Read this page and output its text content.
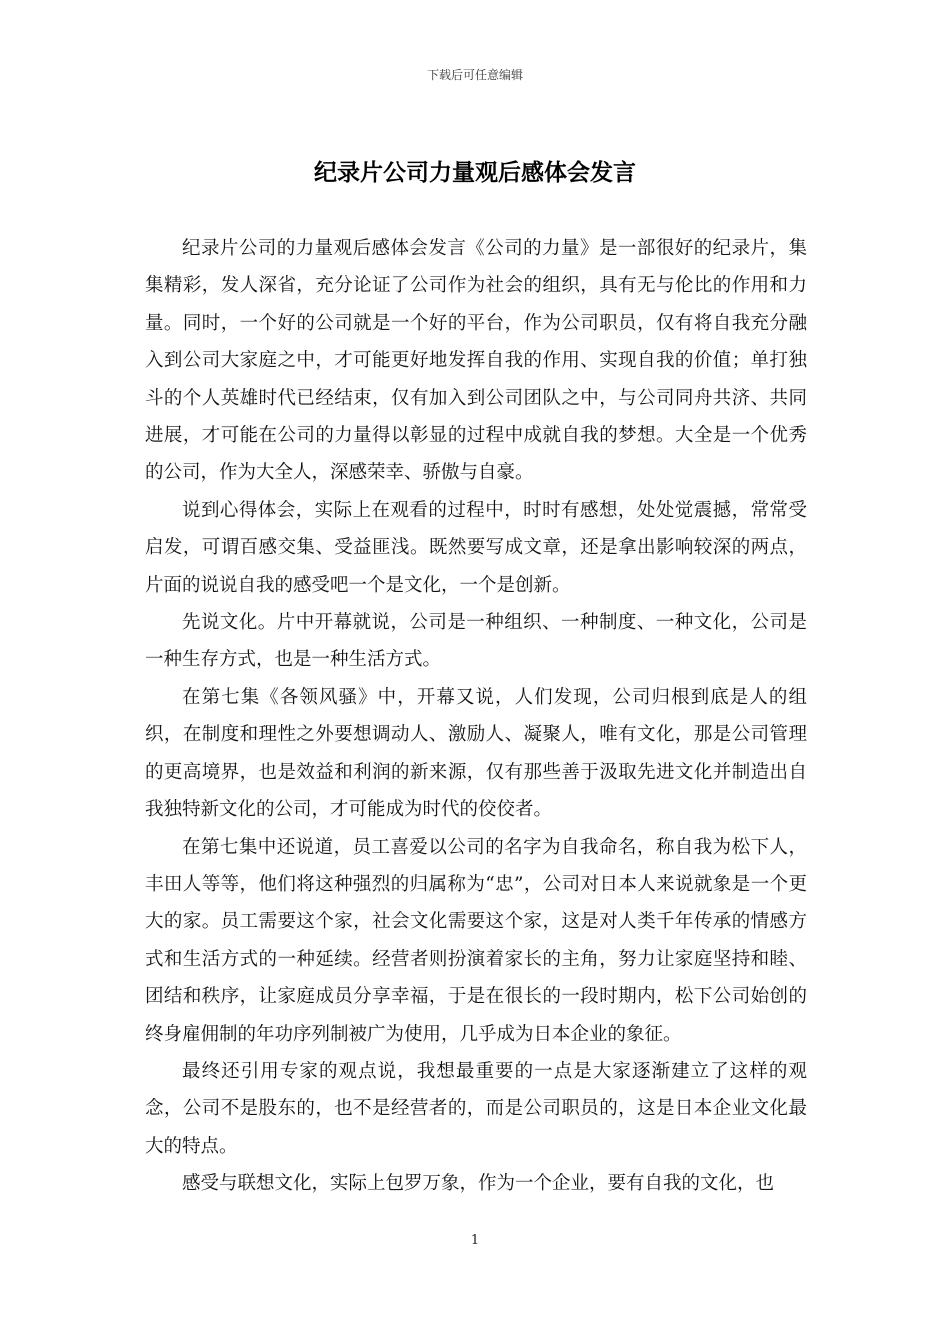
下载后可任意编辑
纪录片公司力量观后感体会发言

纪录片公司的力量观后感体会发言《公司的力量》是一部很好的纪录片，集集精彩，发人深省，充分论证了公司作为社会的组织，具有无与伦比的作用和力量。同时，一个好的公司就是一个好的平台，作为公司职员，仅有将自我充分融入到公司大家庭之中，才可能更好地发挥自我的作用、实现自我的价值；单打独斗的个人英雄时代已经结束，仅有加入到公司团队之中，与公司同舟共济、共同进展，才可能在公司的力量得以彰显的过程中成就自我的梦想。大全是一个优秀的公司，作为大全人，深感荣幸、骄傲与自豪。

说到心得体会，实际上在观看的过程中，时时有感想，处处觉震撼，常常受启发，可谓百感交集、受益匪浅。既然要写成文章，还是拿出影响较深的两点，片面的说说自我的感受吧一个是文化，一个是创新。

先说文化。片中开幕就说，公司是一种组织、一种制度、一种文化，公司是一种生存方式，也是一种生活方式。

在第七集《各领风骚》中，开幕又说，人们发现，公司归根到底是人的组织，在制度和理性之外要想调动人、激励人、凝聚人，唯有文化，那是公司管理的更高境界，也是效益和利润的新来源，仅有那些善于汲取先进文化并制造出自我独特新文化的公司，才可能成为时代的佼佼者。

在第七集中还说道，员工喜爱以公司的名字为自我命名，称自我为松下人，丰田人等等，他们将这种强烈的归属称为“忠”，公司对日本人来说就象是一个更大的家。员工需要这个家，社会文化需要这个家，这是对人类千年传承的情感方式和生活方式的一种延续。经营者则扮演着家长的主角，努力让家庭坚持和睦、团结和秩序，让家庭成员分享幸福，于是在很长的一段时期内，松下公司始创的终身雇佣制的年功序列制被广为使用，几乎成为日本企业的象征。

最终还引用专家的观点说，我想最重要的一点是大家逐渐建立了这样的观念，公司不是股东的，也不是经营者的，而是公司职员的，这是日本企业文化最大的特点。

感受与联想文化，实际上包罗万象，作为一个企业，要有自我的文化，也

1
